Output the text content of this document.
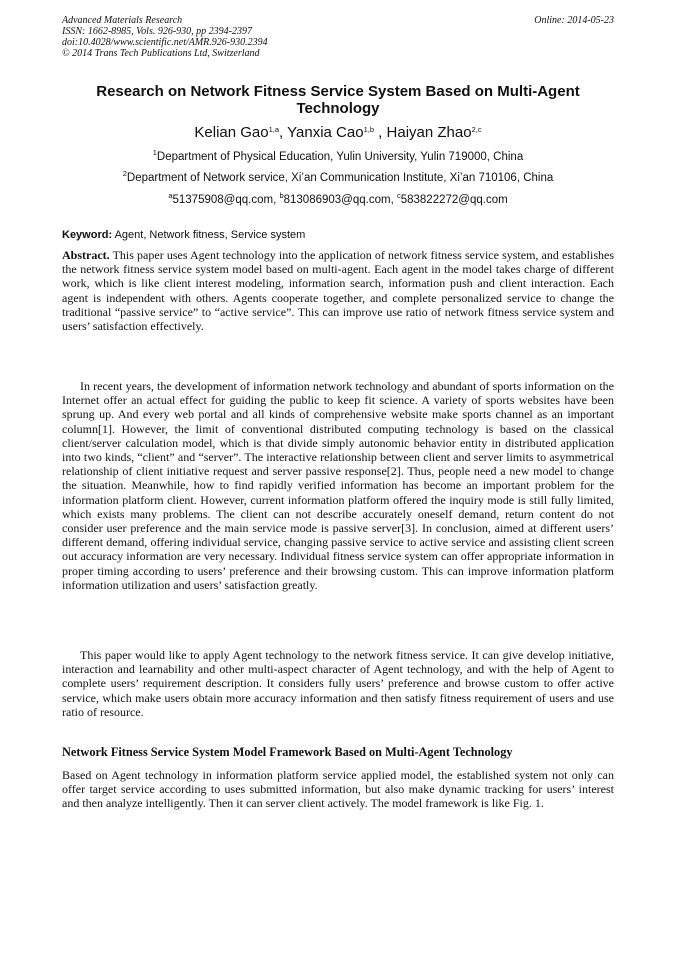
Advanced Materials Research
ISSN: 1662-8985, Vols. 926-930, pp 2394-2397
doi:10.4028/www.scientific.net/AMR.926-930.2394
© 2014 Trans Tech Publications Ltd, Switzerland
Online: 2014-05-23
Research on Network Fitness Service System Based on Multi-Agent Technology
Kelian Gao$^{1,a}$, Yanxia Cao$^{1,b}$ , Haiyan Zhao$^{2,c}$
$^1$Department of Physical Education, Yulin University, Yulin 719000, China
$^2$Department of Network service, Xi’an Communication Institute, Xi’an 710106, China
$^a$51375908@qq.com, $^b$813086903@qq.com, $^c$583822272@qq.com
Keyword: Agent, Network fitness, Service system
Abstract. This paper uses Agent technology into the application of network fitness service system, and establishes the network fitness service system model based on multi-agent. Each agent in the model takes charge of different work, which is like client interest modeling, information search, information push and client interaction. Each agent is independent with others. Agents cooperate together, and complete personalized service to change the traditional “passive service” to “active service”. This can improve use ratio of network fitness service system and users’ satisfaction effectively.
In recent years, the development of information network technology and abundant of sports information on the Internet offer an actual effect for guiding the public to keep fit science. A variety of sports websites have been sprung up. And every web portal and all kinds of comprehensive website make sports channel as an important column[1]. However, the limit of conventional distributed computing technology is based on the classical client/server calculation model, which is that divide simply autonomic behavior entity in distributed application into two kinds, “client” and “server”. The interactive relationship between client and server limits to asymmetrical relationship of client initiative request and server passive response[2]. Thus, people need a new model to change the situation. Meanwhile, how to find rapidly verified information has become an important problem for the information platform client. However, current information platform offered the inquiry mode is still fully limited, which exists many problems. The client can not describe accurately oneself demand, return content do not consider user preference and the main service mode is passive server[3]. In conclusion, aimed at different users’ different demand, offering individual service, changing passive service to active service and assisting client screen out accuracy information are very necessary. Individual fitness service system can offer appropriate information in proper timing according to users’ preference and their browsing custom. This can improve information platform information utilization and users’ satisfaction greatly.
This paper would like to apply Agent technology to the network fitness service. It can give develop initiative, interaction and learnability and other multi-aspect character of Agent technology, and with the help of Agent to complete users’ requirement description. It considers fully users’ preference and browse custom to offer active service, which make users obtain more accuracy information and then satisfy fitness requirement of users and use ratio of resource.
Network Fitness Service System Model Framework Based on Multi-Agent Technology
Based on Agent technology in information platform service applied model, the established system not only can offer target service according to uses submitted information, but also make dynamic tracking for users’ interest and then analyze intelligently. Then it can server client actively. The model framework is like Fig. 1.
